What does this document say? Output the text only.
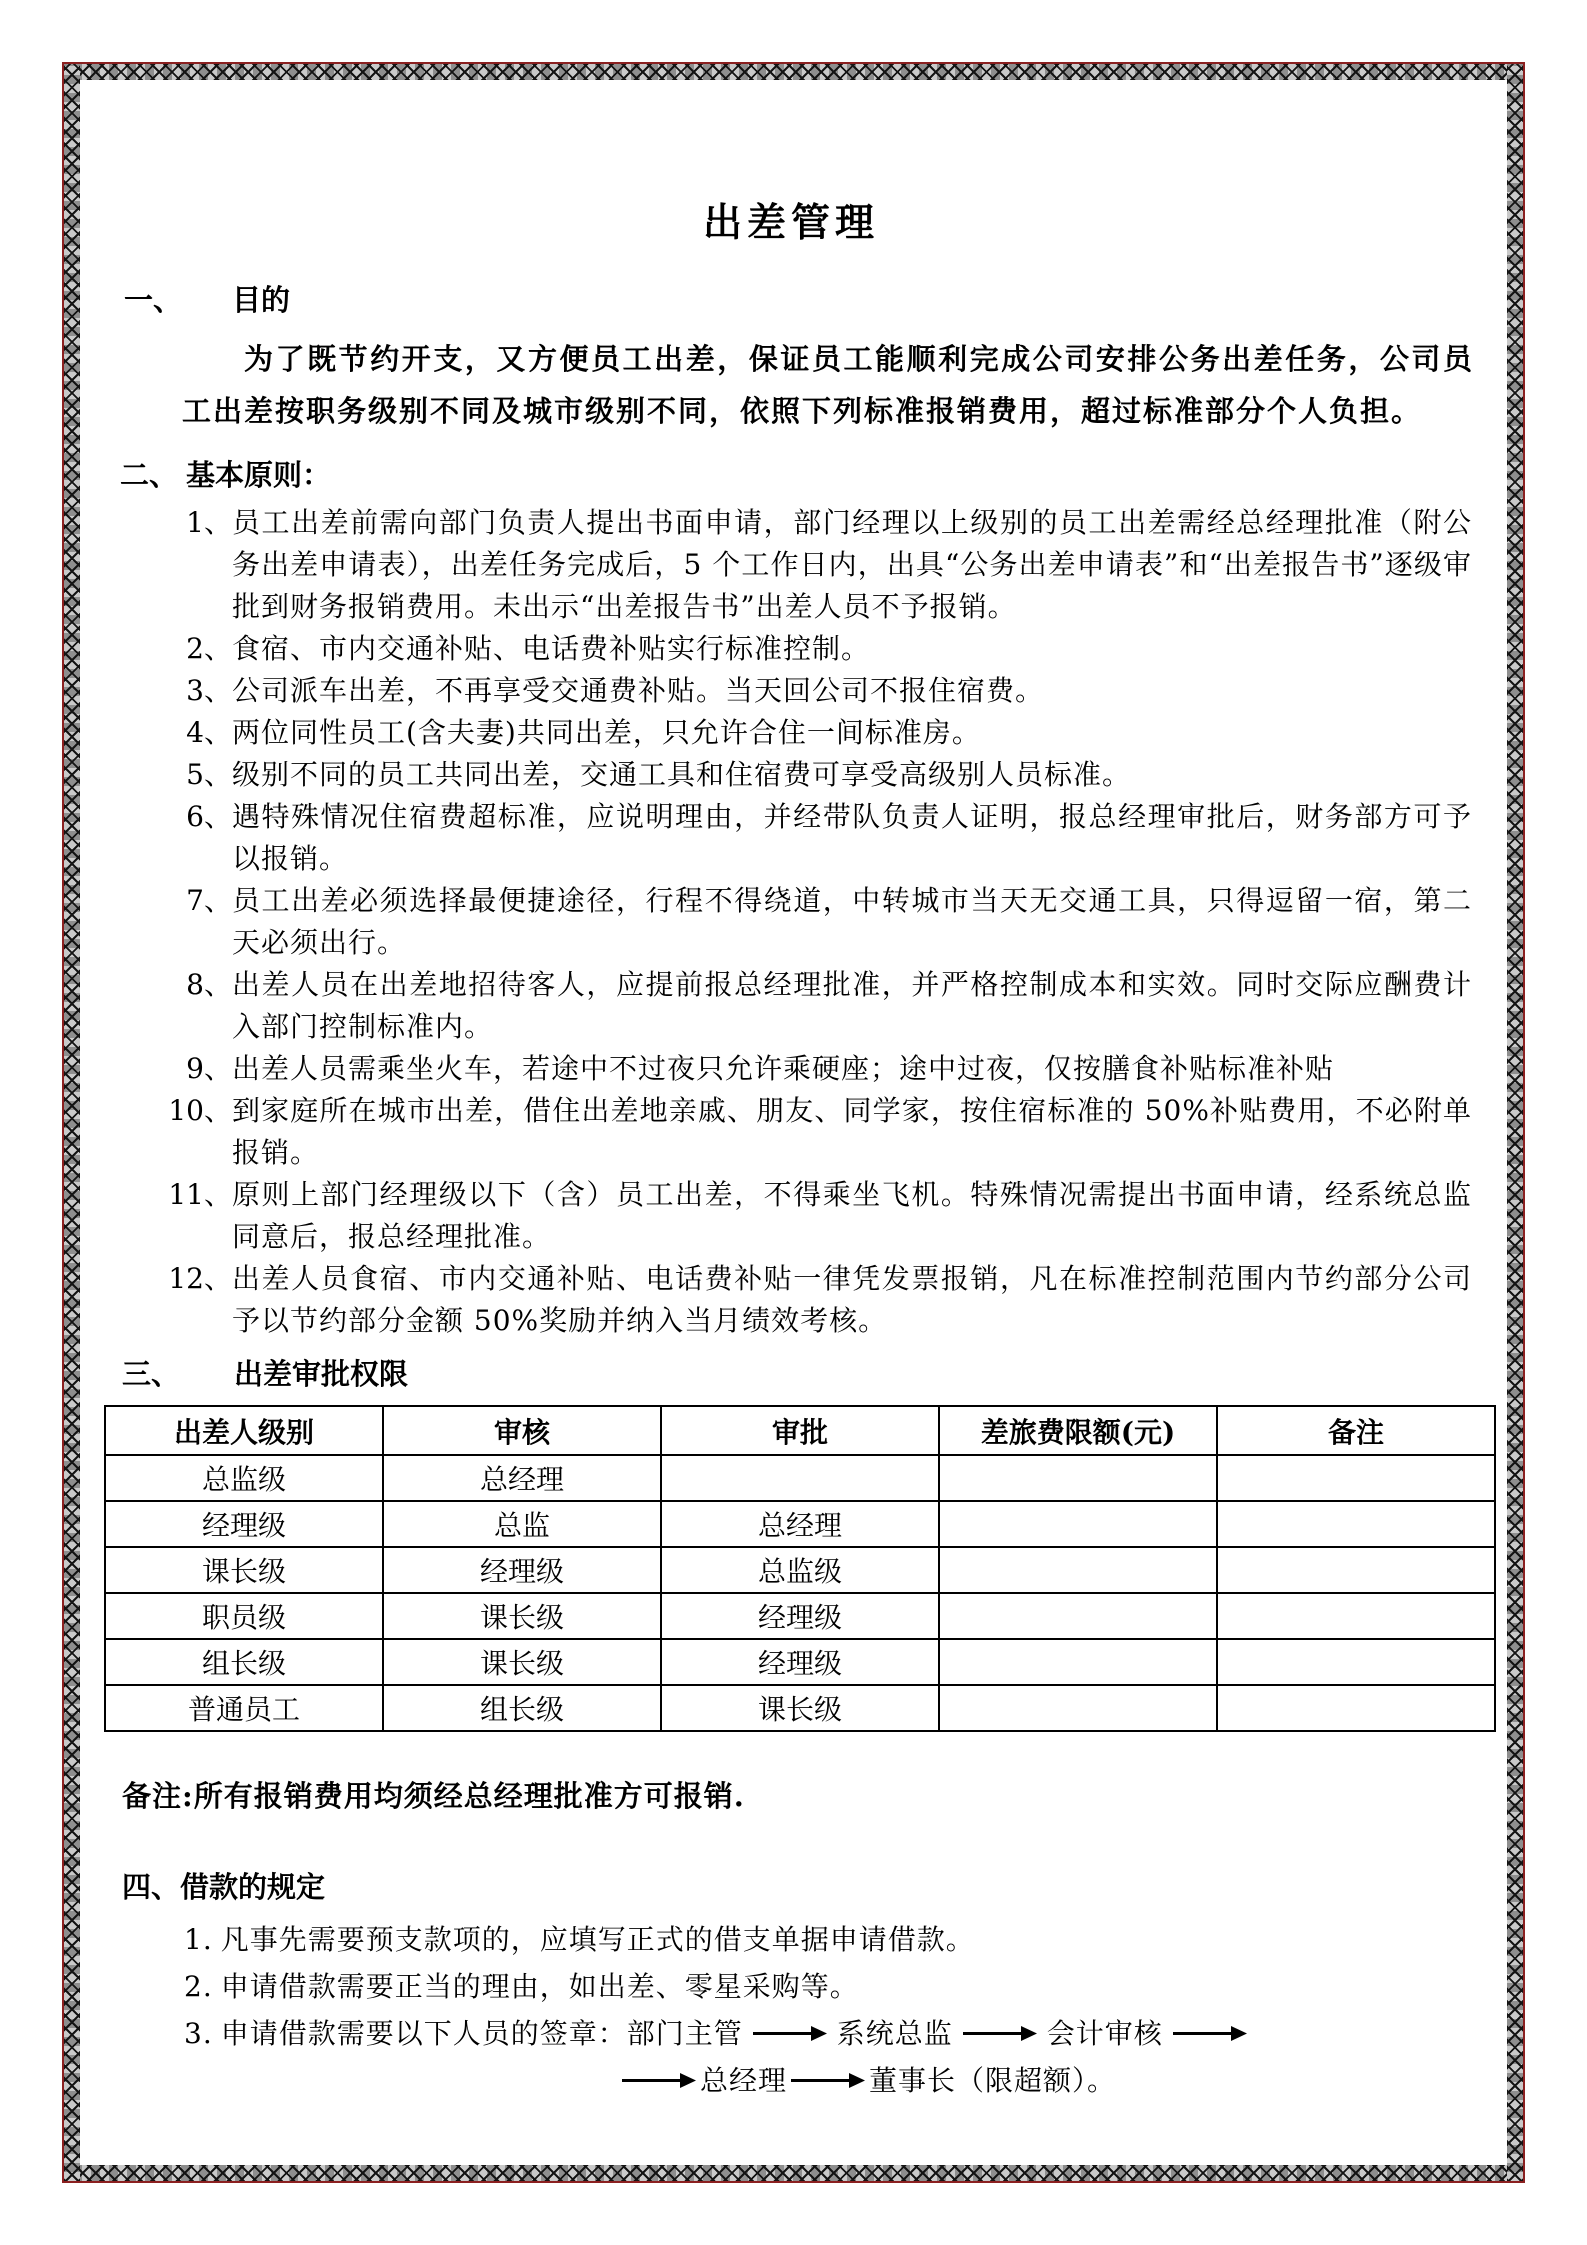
出差管理
一、 目的

为了既节约开支，又方便员工出差，保证员工能顺利完成公司安排公务出差任务，公司员工出差按职务级别不同及城市级别不同，依照下列标准报销费用，超过标准部分个人负担。

二、 基本原则：
1、 员工出差前需向部门负责人提出书面申请，部门经理以上级别的员工出差需经总经理批准（附公务出差申请表），出差任务完成后，5 个工作日内，出具“公务出差申请表”和“出差报告书”逐级审批到财务报销费用。未出示“出差报告书”出差人员不予报销。
2、 食宿、市内交通补贴、电话费补贴实行标准控制。
3、 公司派车出差，不再享受交通费补贴。当天回公司不报住宿费。
4、 两位同性员工(含夫妻)共同出差，只允许合住一间标准房。
5、 级别不同的员工共同出差，交通工具和住宿费可享受高级别人员标准。
6、 遇特殊情况住宿费超标准，应说明理由，并经带队负责人证明，报总经理审批后，财务部方可予以报销。
7、 员工出差必须选择最便捷途径，行程不得绕道，中转城市当天无交通工具，只得逗留一宿，第二天必须出行。
8、 出差人员在出差地招待客人，应提前报总经理批准，并严格控制成本和实效。同时交际应酬费计入部门控制标准内。
9、 出差人员需乘坐火车，若途中不过夜只允许乘硬座；途中过夜，仅按膳食补贴标准补贴
10、 到家庭所在城市出差，借住出差地亲戚、朋友、同学家，按住宿标准的 50%补贴费用，不必附单报销。
11、 原则上部门经理级以下（含）员工出差，不得乘坐飞机。特殊情况需提出书面申请，经系统总监同意后，报总经理批准。
12、 出差人员食宿、市内交通补贴、电话费补贴一律凭发票报销，凡在标准控制范围内节约部分公司予以节约部分金额 50%奖励并纳入当月绩效考核。
三、 出差审批权限
出差人级别	审核	审批	差旅费限额(元)	备注
总监级	总经理			
经理级	总监	总经理		
课长级	经理级	总监级		
职员级	课长级	经理级		
组长级	课长级	经理级		
普通员工	组长级	课长级		

备注:所有报销费用均须经总经理批准方可报销.

四、借款的规定
1. 凡事先需要预支款项的，应填写正式的借支单据申请借款。
2. 申请借款需要正当的理由，如出差、零星采购等。
3. 申请借款需要以下人员的签章： 部门主管	系统总监	会计审核
总经理	董事长（限超额）。
